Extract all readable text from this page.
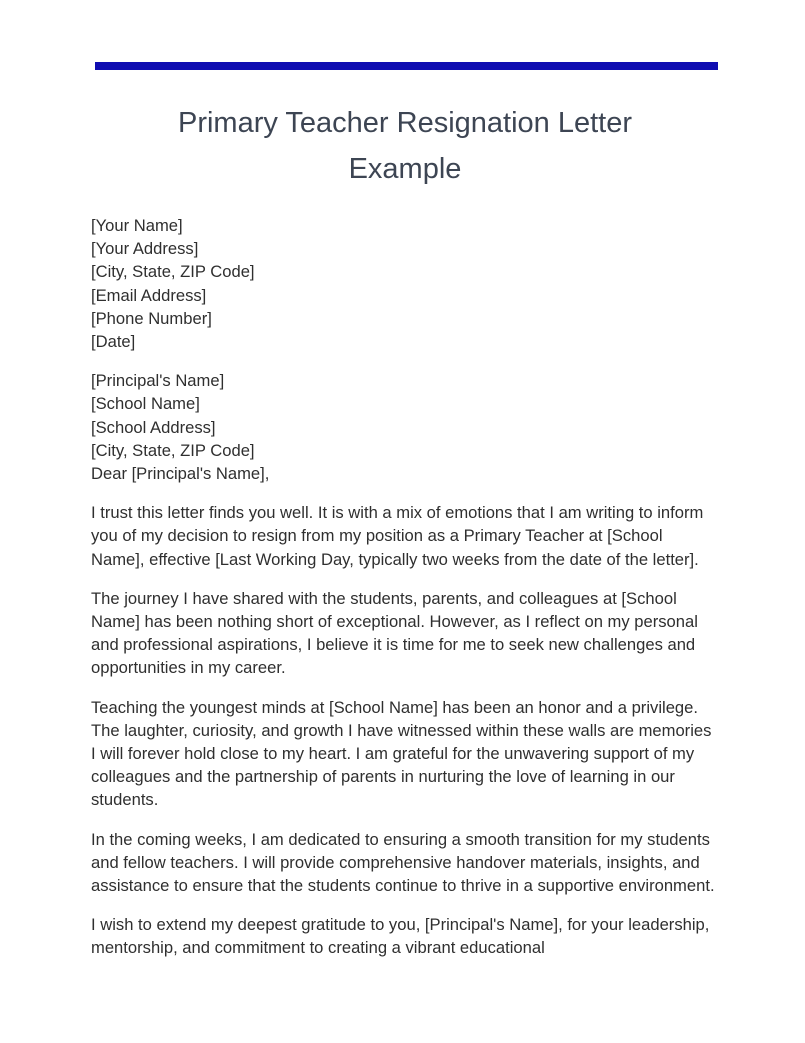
Primary Teacher Resignation Letter
Example
[Your Name]
[Your Address]
[City, State, ZIP Code]
[Email Address]
[Phone Number]
[Date]
[Principal's Name]
[School Name]
[School Address]
[City, State, ZIP Code]
Dear [Principal's Name],

I trust this letter finds you well. It is with a mix of emotions that I am writing to inform you of my decision to resign from my position as a Primary Teacher at [School Name], effective [Last Working Day, typically two weeks from the date of the letter].

The journey I have shared with the students, parents, and colleagues at [School Name] has been nothing short of exceptional. However, as I reflect on my personal and professional aspirations, I believe it is time for me to seek new challenges and opportunities in my career.

Teaching the youngest minds at [School Name] has been an honor and a privilege. The laughter, curiosity, and growth I have witnessed within these walls are memories I will forever hold close to my heart. I am grateful for the unwavering support of my colleagues and the partnership of parents in nurturing the love of learning in our students.

In the coming weeks, I am dedicated to ensuring a smooth transition for my students and fellow teachers. I will provide comprehensive handover materials, insights, and assistance to ensure that the students continue to thrive in a supportive environment.

I wish to extend my deepest gratitude to you, [Principal's Name], for your leadership, mentorship, and commitment to creating a vibrant educational
